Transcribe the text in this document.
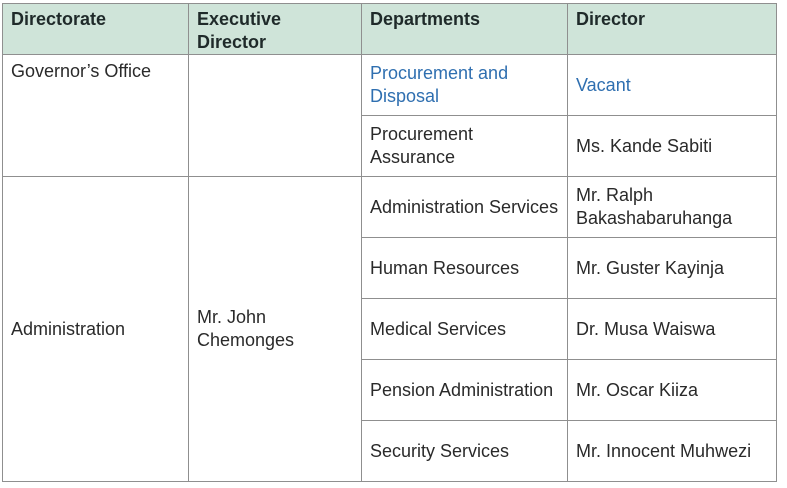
Directorate	Executive Director	Departments	Director
Governor’s Office		Procurement and Disposal	Vacant
		Procurement Assurance	Ms. Kande Sabiti
Administration	Mr. John Chemonges	Administration Services	Mr. Ralph Bakashabaruhanga
		Human Resources	Mr. Guster Kayinja
		Medical Services	Dr. Musa Waiswa
		Pension Administration	Mr. Oscar Kiiza
		Security Services	Mr. Innocent Muhwezi
